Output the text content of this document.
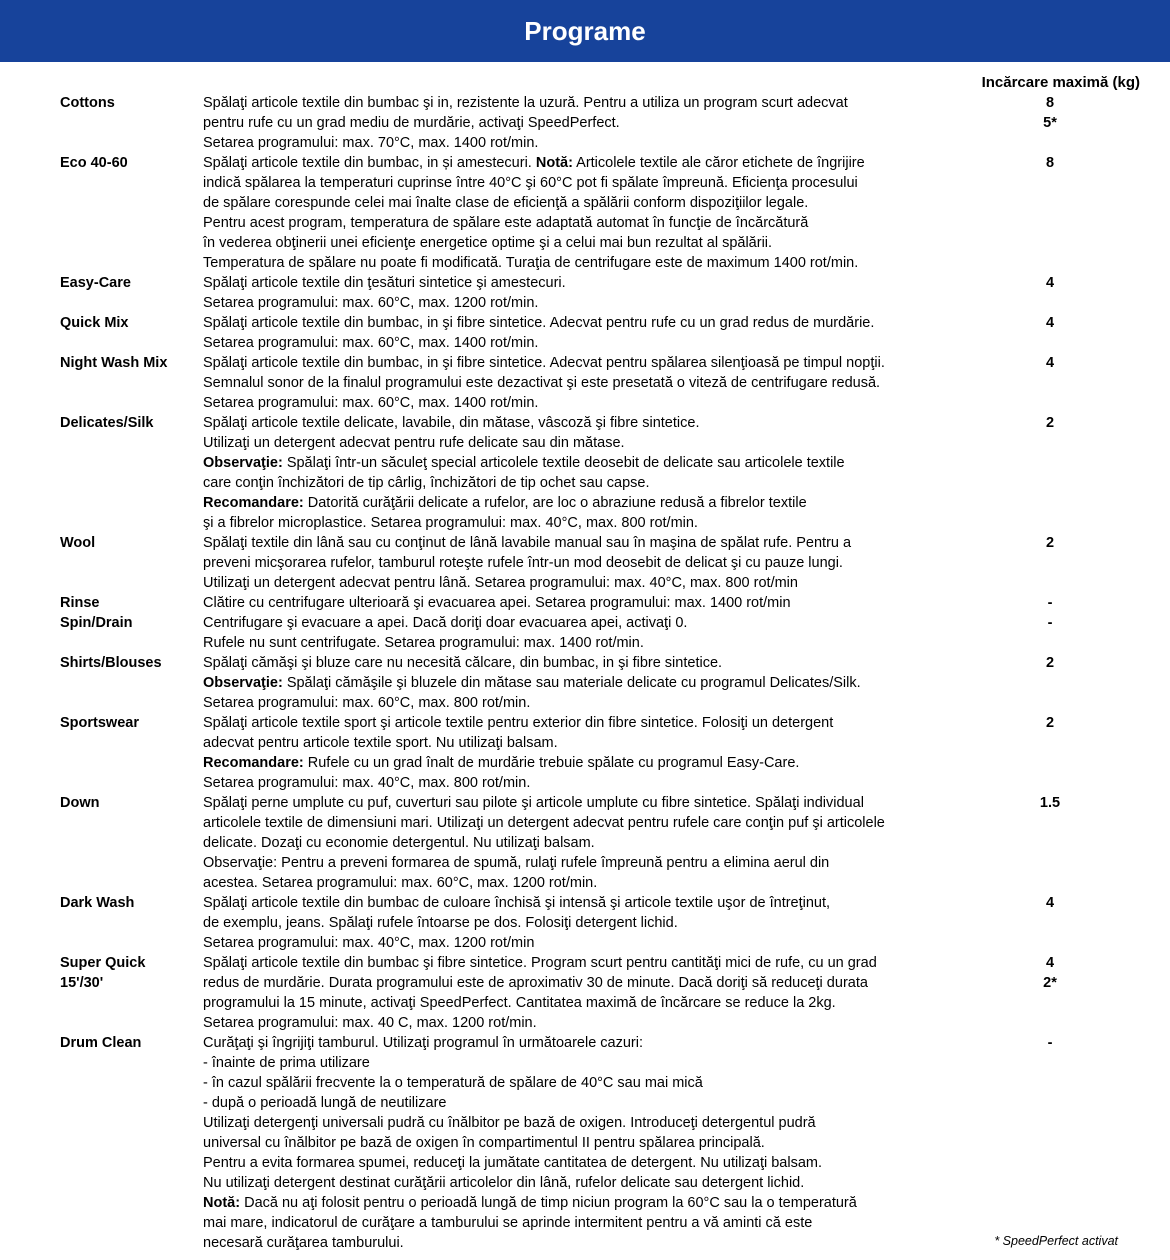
Programe
Incărcare maximă (kg)
Cottons	Spălaţi articole textile din bumbac şi in, rezistente la uzură. Pentru a utiliza un program scurt adecvat
pentru rufe cu un grad mediu de murdărie, activaţi SpeedPerfect.
Setarea programului: max. 70°C, max. 1400 rot/min.
8
5*
Eco 40-60	Spălaţi articole textile din bumbac, in și amestecuri. Notă: Articolele textile ale căror etichete de îngrijire
indică spălarea la temperaturi cuprinse între 40°C şi 60°C pot fi spălate împreună. Eficienţa procesului
de spălare corespunde celei mai înalte clase de eficienţă a spălării conform dispoziţiilor legale.
Pentru acest program, temperatura de spălare este adaptată automat în funcţie de încărcătură
în vederea obţinerii unei eficienţe energetice optime şi a celui mai bun rezultat al spălării.
Temperatura de spălare nu poate fi modificată. Turaţia de centrifugare este de maximum 1400 rot/min.
8
Easy-Care	Spălaţi articole textile din ţesături sintetice şi amestecuri.
Setarea programului: max. 60°C, max. 1200 rot/min.
4
Quick Mix	Spălaţi articole textile din bumbac, in şi fibre sintetice. Adecvat pentru rufe cu un grad redus de murdărie.
Setarea programului: max. 60°C, max. 1400 rot/min.
4
Night Wash Mix	Spălaţi articole textile din bumbac, in şi fibre sintetice. Adecvat pentru spălarea silenţioasă pe timpul nopţii.
Semnalul sonor de la finalul programului este dezactivat şi este presetată o viteză de centrifugare redusă.
Setarea programului: max. 60°C, max. 1400 rot/min.
4
Delicates/Silk	Spălaţi articole textile delicate, lavabile, din mătase, vâscoză şi fibre sintetice.
Utilizaţi un detergent adecvat pentru rufe delicate sau din mătase.
Observaţie: Spălaţi într-un săculeţ special articolele textile deosebit de delicate sau articolele textile
care conţin închizători de tip cârlig, închizători de tip ochet sau capse.
Recomandare: Datorită curăţării delicate a rufelor, are loc o abraziune redusă a fibrelor textile
şi a fibrelor microplastice. Setarea programului: max. 40°C, max. 800 rot/min.
2
Wool	Spălaţi textile din lână sau cu conţinut de lână lavabile manual sau în maşina de spălat rufe. Pentru a
preveni micşorarea rufelor, tamburul roteşte rufele într-un mod deosebit de delicat şi cu pauze lungi.
Utilizaţi un detergent adecvat pentru lână. Setarea programului: max. 40°C, max. 800 rot/min
2
Rinse	Clătire cu centrifugare ulterioară şi evacuarea apei. Setarea programului: max. 1400 rot/min	-
Spin/Drain	Centrifugare şi evacuare a apei. Dacă doriţi doar evacuarea apei, activaţi 0.
Rufele nu sunt centrifugate. Setarea programului: max. 1400 rot/min.
-
Shirts/Blouses	Spălaţi cămăşi şi bluze care nu necesită călcare, din bumbac, in şi fibre sintetice.
Observaţie: Spălaţi cămăşile şi bluzele din mătase sau materiale delicate cu programul Delicates/Silk.
Setarea programului: max. 60°C, max. 800 rot/min.
2
Sportswear	Spălaţi articole textile sport şi articole textile pentru exterior din fibre sintetice. Folosiţi un detergent
adecvat pentru articole textile sport. Nu utilizaţi balsam.
Recomandare: Rufele cu un grad înalt de murdărie trebuie spălate cu programul Easy-Care.
Setarea programului: max. 40°C, max. 800 rot/min.
2
Down	Spălaţi perne umplute cu puf, cuverturi sau pilote şi articole umplute cu fibre sintetice. Spălaţi individual
articolele textile de dimensiuni mari. Utilizaţi un detergent adecvat pentru rufele care conţin puf şi articolele
delicate. Dozaţi cu economie detergentul. Nu utilizaţi balsam.
Observaţie: Pentru a preveni formarea de spumă, rulaţi rufele împreună pentru a elimina aerul din
acestea. Setarea programului: max. 60°C, max. 1200 rot/min.
1.5
Dark Wash	Spălaţi articole textile din bumbac de culoare închisă şi intensă şi articole textile uşor de întreţinut,
de exemplu, jeans. Spălaţi rufele întoarse pe dos. Folosiţi detergent lichid.
Setarea programului: max. 40°C, max. 1200 rot/min
4
Super Quick
15'/30'
Spălaţi articole textile din bumbac şi fibre sintetice. Program scurt pentru cantităţi mici de rufe, cu un grad
redus de murdărie. Durata programului este de aproximativ 30 de minute. Dacă doriţi să reduceţi durata
programului la 15 minute, activaţi SpeedPerfect. Cantitatea maximă de încărcare se reduce la 2kg.
Setarea programului: max. 40 C, max. 1200 rot/min.
4
2*
Drum Clean	Curăţaţi şi îngrijiţi tamburul. Utilizaţi programul în următoarele cazuri:
- înainte de prima utilizare
- în cazul spălării frecvente la o temperatură de spălare de 40°C sau mai mică
- după o perioadă lungă de neutilizare
Utilizaţi detergenţi universali pudră cu înălbitor pe bază de oxigen. Introduceţi detergentul pudră
universal cu înălbitor pe bază de oxigen în compartimentul II pentru spălarea principală.
Pentru a evita formarea spumei, reduceţi la jumătate cantitatea de detergent. Nu utilizaţi balsam.
Nu utilizaţi detergent destinat curăţării articolelor din lână, rufelor delicate sau detergent lichid.
Notă: Dacă nu aţi folosit pentru o perioadă lungă de timp niciun program la 60°C sau la o temperatură
mai mare, indicatorul de curăţare a tamburului se aprinde intermitent pentru a vă aminti că este
necesară curăţarea tamburului.
-
* SpeedPerfect activat
